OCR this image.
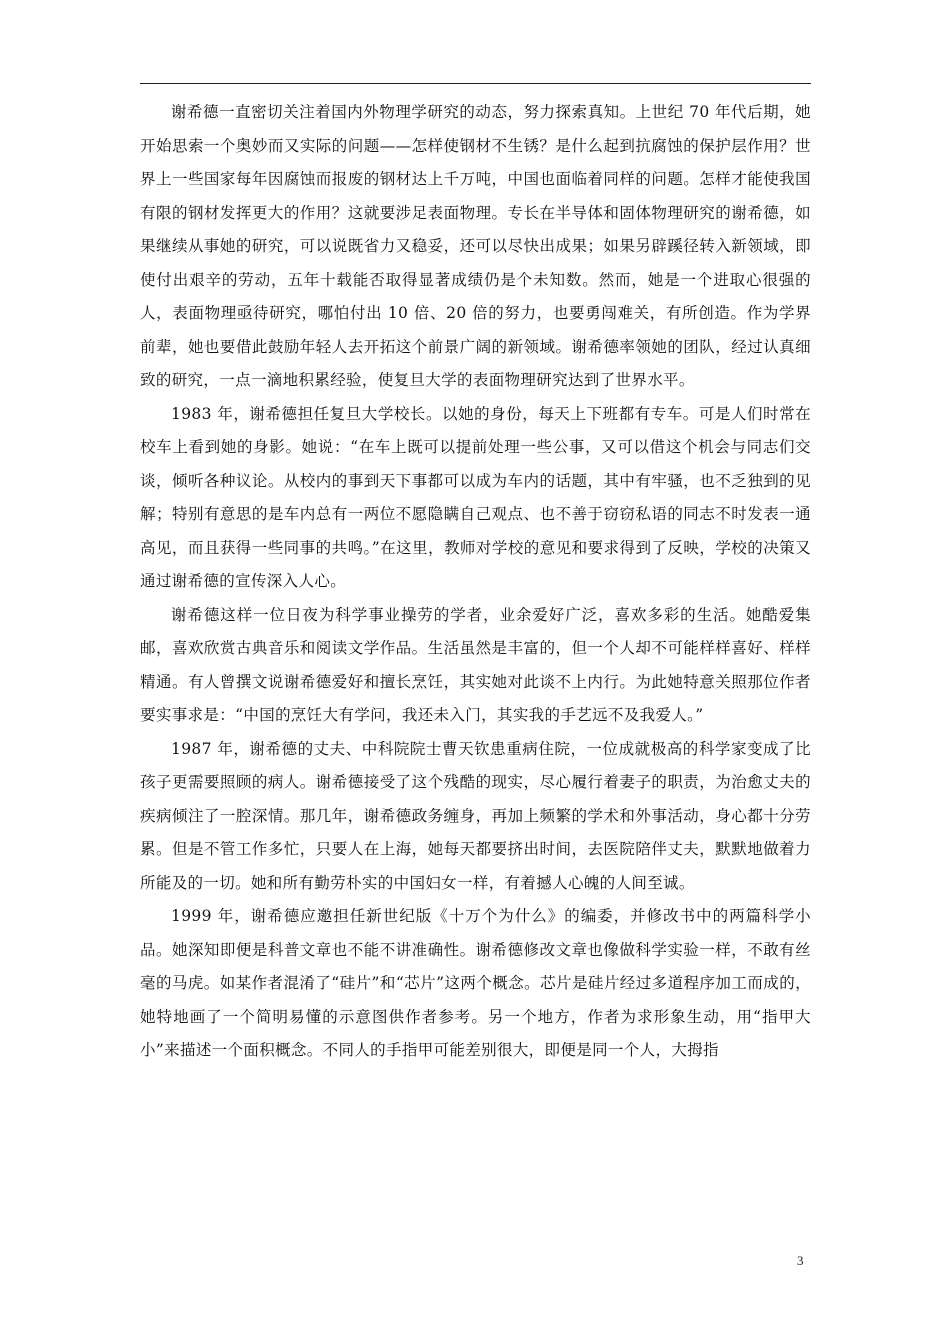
谢希德一直密切关注着国内外物理学研究的动态，努力探索真知。上世纪 70 年代后期，她开始思索一个奥妙而又实际的问题——怎样使钢材不生锈？是什么起到抗腐蚀的保护层作用？世界上一些国家每年因腐蚀而报废的钢材达上千万吨，中国也面临着同样的问题。怎样才能使我国有限的钢材发挥更大的作用？这就要涉足表面物理。专长在半导体和固体物理研究的谢希德，如果继续从事她的研究，可以说既省力又稳妥，还可以尽快出成果；如果另辟蹊径转入新领域，即使付出艰辛的劳动，五年十载能否取得显著成绩仍是个未知数。然而，她是一个进取心很强的人，表面物理亟待研究，哪怕付出 10 倍、20 倍的努力，也要勇闯难关，有所创造。作为学界前辈，她也要借此鼓励年轻人去开拓这个前景广阔的新领域。谢希德率领她的团队，经过认真细致的研究，一点一滴地积累经验，使复旦大学的表面物理研究达到了世界水平。

1983 年，谢希德担任复旦大学校长。以她的身份，每天上下班都有专车。可是人们时常在校车上看到她的身影。她说：“在车上既可以提前处理一些公事，又可以借这个机会与同志们交谈，倾听各种议论。从校内的事到天下事都可以成为车内的话题，其中有牢骚，也不乏独到的见解；特别有意思的是车内总有一两位不愿隐瞒自己观点、也不善于窃窃私语的同志不时发表一通高见，而且获得一些同事的共鸣。”在这里，教师对学校的意见和要求得到了反映，学校的决策又通过谢希德的宣传深入人心。

谢希德这样一位日夜为科学事业操劳的学者，业余爱好广泛，喜欢多彩的生活。她酷爱集邮，喜欢欣赏古典音乐和阅读文学作品。生活虽然是丰富的，但一个人却不可能样样喜好、样样精通。有人曾撰文说谢希德爱好和擅长烹饪，其实她对此谈不上内行。为此她特意关照那位作者要实事求是：“中国的烹饪大有学问，我还未入门，其实我的手艺远不及我爱人。”

1987 年，谢希德的丈夫、中科院院士曹天钦患重病住院，一位成就极高的科学家变成了比孩子更需要照顾的病人。谢希德接受了这个残酷的现实，尽心履行着妻子的职责，为治愈丈夫的疾病倾注了一腔深情。那几年，谢希德政务缠身，再加上频繁的学术和外事活动，身心都十分劳累。但是不管工作多忙，只要人在上海，她每天都要挤出时间，去医院陪伴丈夫，默默地做着力所能及的一切。她和所有勤劳朴实的中国妇女一样，有着撼人心魄的人间至诚。

1999 年，谢希德应邀担任新世纪版《十万个为什么》的编委，并修改书中的两篇科学小品。她深知即便是科普文章也不能不讲准确性。谢希德修改文章也像做科学实验一样，不敢有丝毫的马虎。如某作者混淆了“硅片”和“芯片”这两个概念。芯片是硅片经过多道程序加工而成的，她特地画了一个简明易懂的示意图供作者参考。另一个地方，作者为求形象生动，用“指甲大小”来描述一个面积概念。不同人的手指甲可能差别很大，即便是同一个人，大拇指

3
